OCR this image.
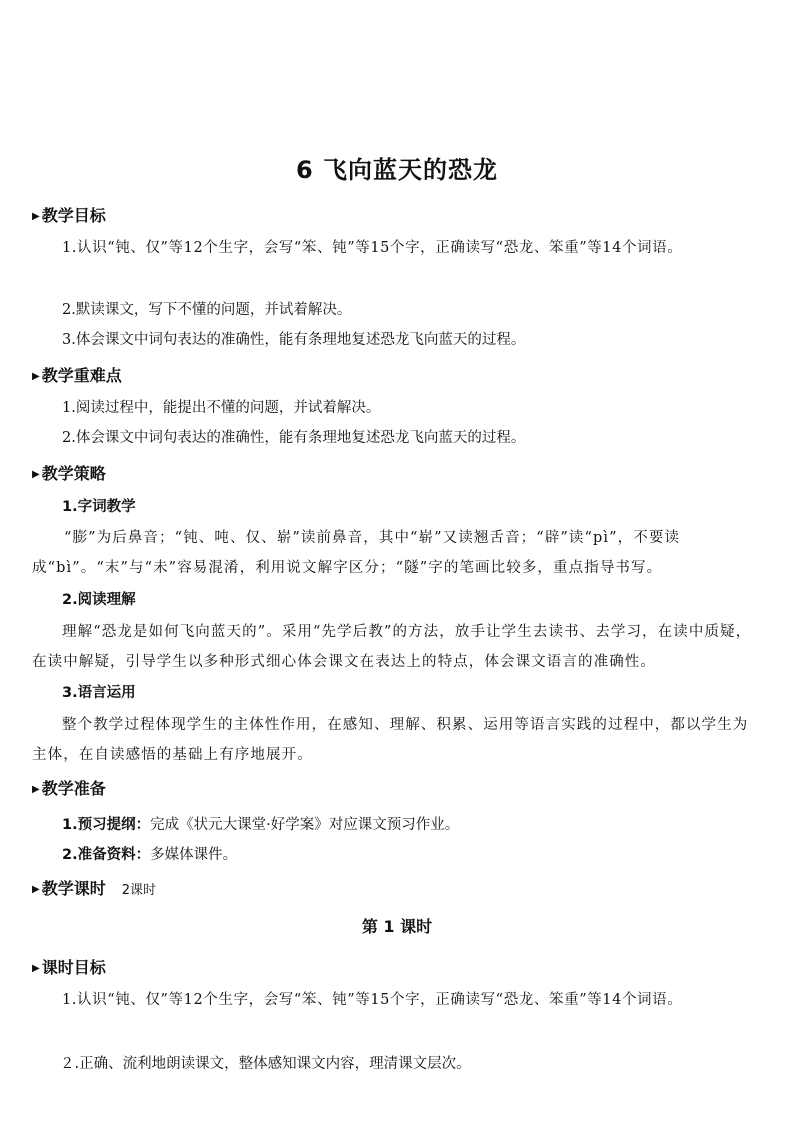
6 飞向蓝天的恐龙
▶ 教学目标
1.认识“钝、仅”等12个生字，会写“笨、钝”等15个字，正确读写“恐龙、笨重”等14个词语。
2.默读课文，写下不懂的问题，并试着解决。
3.体会课文中词句表达的准确性，能有条理地复述恐龙飞向蓝天的过程。
▶ 教学重难点
1.阅读过程中，能提出不懂的问题，并试着解决。
2.体会课文中词句表达的准确性，能有条理地复述恐龙飞向蓝天的过程。
▶ 教学策略
1.字词教学
“膨”为后鼻音；“钝、吨、仅、崭”读前鼻音，其中“崭”又读翘舌音；“辟”读“pì”，不要读成“bì”。“末”与“未”容易混淆，利用说文解字区分；“隧”字的笔画比较多，重点指导书写。
2.阅读理解
理解“恐龙是如何飞向蓝天的”。采用“先学后教”的方法，放手让学生去读书、去学习，在读中质疑，在读中解疑，引导学生以多种形式细心体会课文在表达上的特点，体会课文语言的准确性。
3.语言运用
整个教学过程体现学生的主体性作用，在感知、理解、积累、运用等语言实践的过程中，都以学生为主体，在自读感悟的基础上有序地展开。
▶ 教学准备
1.预习提纲：完成《状元大课堂·好学案》对应课文预习作业。
2.准备资料：多媒体课件。
▶ 教学课时 2课时
第 1 课时
▶ 课时目标
1.认识“钝、仅”等12个生字，会写“笨、钝”等15个字，正确读写“恐龙、笨重”等14个词语。
２.正确、流利地朗读课文，整体感知课文内容，理清课文层次。
